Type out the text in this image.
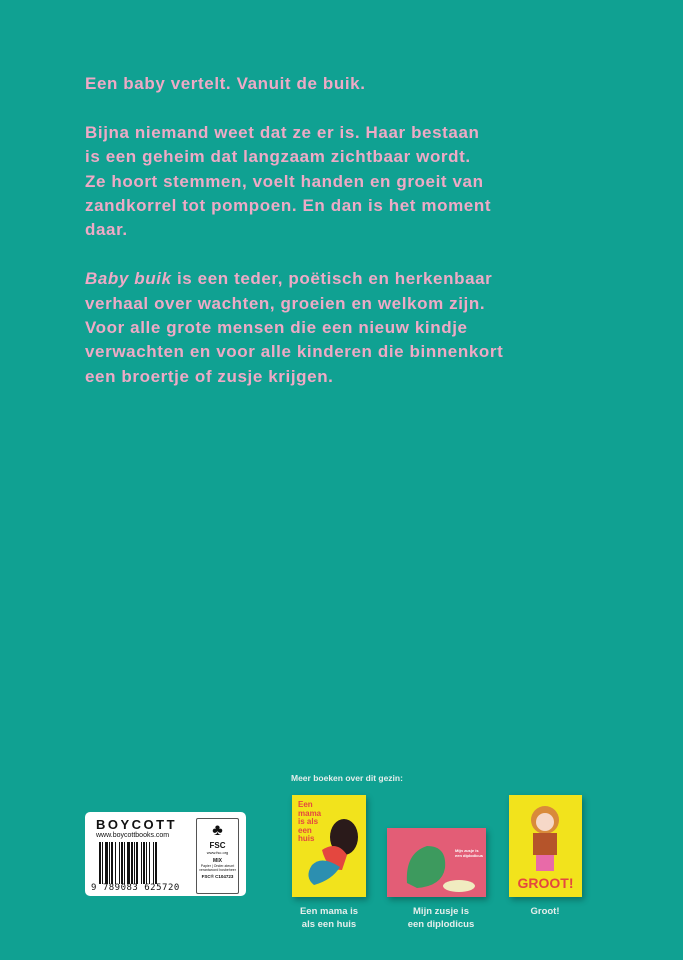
Een baby vertelt. Vanuit de buik.
Bijna niemand weet dat ze er is. Haar bestaan
is een geheim dat langzaam zichtbaar wordt.
Ze hoort stemmen, voelt handen en groeit van
zandkorrel tot pompoen. En dan is het moment
daar.
Baby buik is een teder, poëtisch en herkenbaar
verhaal over wachten, groeien en welkom zijn.
Voor alle grote mensen die een nieuw kindje
verwachten en voor alle kinderen die binnenkort
een broertje of zusje krijgen.
BOYCOTT
www.boycottbooks.com
9 789083 625720
♣
FSC
www.fsc.org
MIX
Papier | Onder-steunt verantwoord bosbeheer
FSC® C104723
Meer boeken over dit gezin:
Een mama is als een huis
Mijn zusje is een diplodicus
GROOT!
Een mama is
als een huis
Mijn zusje is
een diplodicus
Groot!
